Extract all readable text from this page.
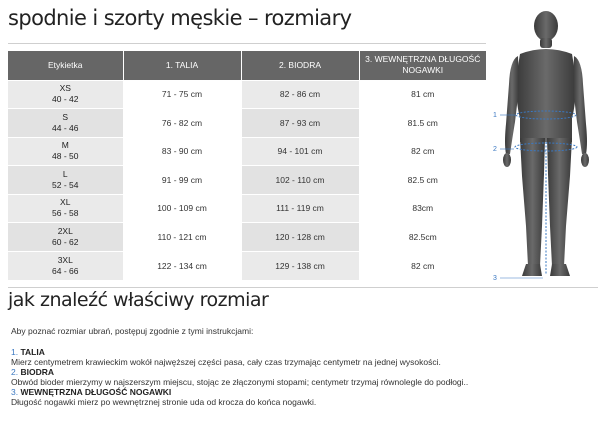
spodnie i szorty męskie – rozmiary
Etykietka	1. TALIA	2. BIODRA	3. WEWNĘTRZNA DŁUGOŚĆ NOGAWKI

XS
40 - 42	71 - 75 cm	82 - 86 cm	81 cm

S
44 - 46	76 - 82 cm	87 - 93 cm	81.5 cm

M
48 - 50	83 - 90 cm	94 - 101 cm	82 cm

L
52 - 54	91 - 99 cm	102 - 110 cm	82.5 cm

XL
56 - 58	100 - 109 cm	111 - 119 cm	83cm

2XL
60 - 62	110 - 121 cm	120 - 128 cm	82.5cm

3XL
64 - 66	122 - 134 cm	129 - 138 cm	82 cm
1
2
3
jak znaleźć właściwy rozmiar

Aby poznać rozmiar ubrań, postępuj zgodnie z tymi instrukcjami:

1. TALIA
Mierz centymetrem krawieckim wokół najwęższej części pasa, cały czas trzymając centymetr na jednej wysokości.
2. BIODRA
Obwód bioder mierzymy w najszerszym miejscu, stojąc ze złączonymi stopami; centymetr trzymaj równolegle do podłogi..
3. WEWNĘTRZNA DŁUGOŚĆ NOGAWKI
Długość nogawki mierz po wewnętrznej stronie uda od krocza do końca nogawki.
